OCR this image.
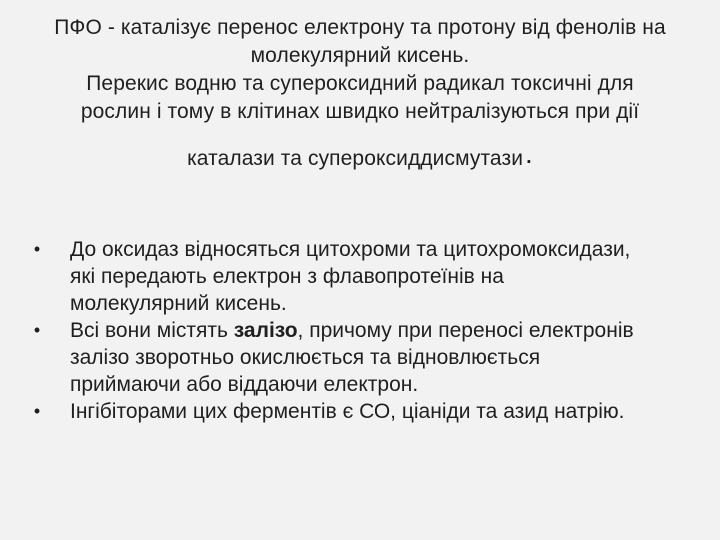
ПФО - каталізує перенос електрону та протону від фенолів на
молекулярний кисень.
Перекис водню та супероксидний радикал токсичні для
рослин і тому в клітинах швидко нейтралізуються при дії
каталази та супероксиддисмутази.
• До оксидаз відносяться цитохроми та цитохромоксидази,
які передають електрон з флавопротеїнів на
молекулярний кисень.
• Всі вони містять залізо, причому при переносі електронів
залізо зворотньо окислюється та відновлюється
приймаючи або віддаючи електрон.
• Інгібіторами цих ферментів є СО, ціаніди та азид натрію.
